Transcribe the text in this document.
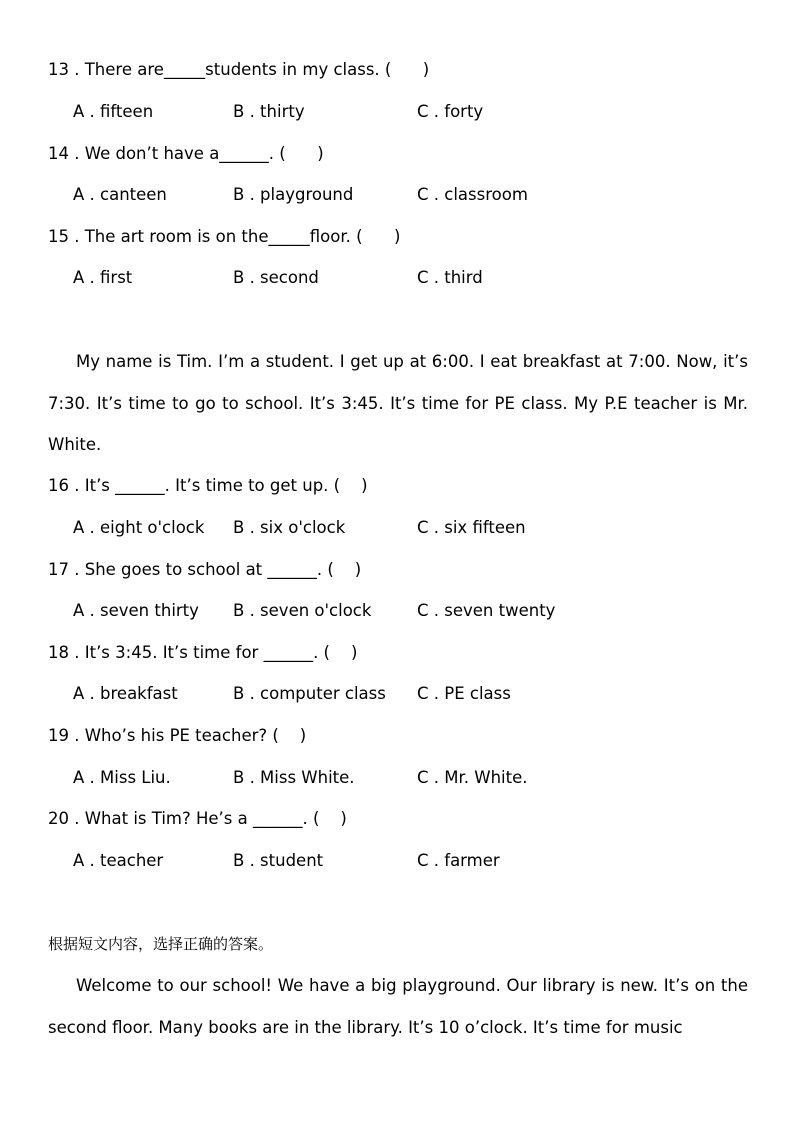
13 . There are_____students in my class. (      )
A . fifteen	B . thirty	C . forty
14 . We don’t have a______. (      )
A . canteen	B . playground	C . classroom
15 . The art room is on the_____floor. (      )
A . first	B . second	C . third
My name is Tim. I’m a student. I get up at 6:00. I eat breakfast at 7:00. Now, it’s 7:30. It’s time to go to school. It’s 3:45. It’s time for PE class. My P.E teacher is Mr. White.
16 . It’s ______. It’s time to get up. (    )
A . eight o'clock B . six o'clock	C . six fifteen
17 . She goes to school at ______. (    )
A . seven thirty B . seven o'clock	C . seven twenty
18 . It’s 3:45. It’s time for ______. (    )
A . breakfast	B . computer class C . PE class
19 . Who’s his PE teacher? (    )
A . Miss Liu.	B . Miss White.	C . Mr. White.
20 . What is Tim? He’s a ______. (    )
A . teacher	B . student	C . farmer
根据短文内容，选择正确的答案。
Welcome to our school! We have a big playground. Our library is new. It’s on the second floor. Many books are in the library. It’s 10 o’clock. It’s time for music
